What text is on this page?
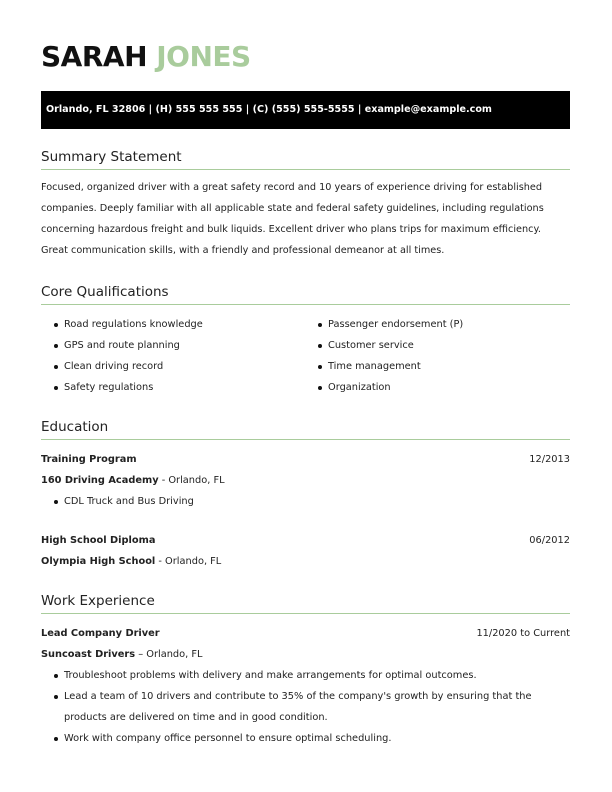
SARAH JONES
Orlando, FL 32806 | (H) 555 555 555 | (C) (555) 555-5555 | example@example.com
Summary Statement
Focused, organized driver with a great safety record and 10 years of experience driving for established
companies. Deeply familiar with all applicable state and federal safety guidelines, including regulations
concerning hazardous freight and bulk liquids. Excellent driver who plans trips for maximum efficiency.
Great communication skills, with a friendly and professional demeanor at all times.
Core Qualifications
Road regulations knowledge
GPS and route planning
Clean driving record
Safety regulations
Passenger endorsement (P)
Customer service
Time management
Organization
Education
Training Program	12/2013
160 Driving Academy - Orlando, FL
CDL Truck and Bus Driving
High School Diploma	06/2012
Olympia High School - Orlando, FL
Work Experience
Lead Company Driver	11/2020 to Current
Suncoast Drivers – Orlando, FL
Troubleshoot problems with delivery and make arrangements for optimal outcomes.
Lead a team of 10 drivers and contribute to 35% of the company's growth by ensuring that the
products are delivered on time and in good condition.
Work with company office personnel to ensure optimal scheduling.
